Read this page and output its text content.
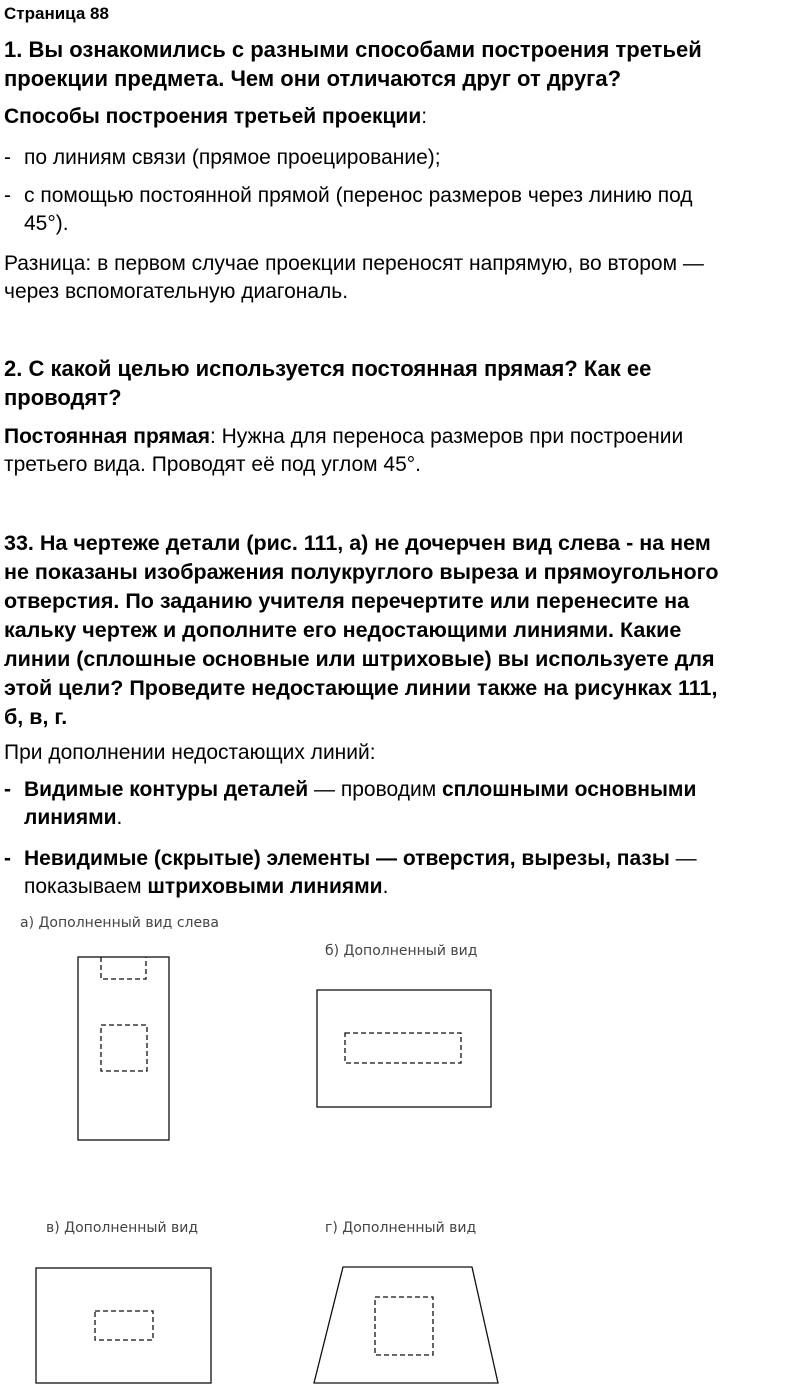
Страница 88
1. Вы ознакомились с разными способами построения третьей
проекции предмета. Чем они отличаются друг от друга?
Способы построения третьей проекции:
- по линиям связи (прямое проецирование);
- с помощью постоянной прямой (перенос размеров через линию под
45°).
Разница: в первом случае проекции переносят напрямую, во втором —
через вспомогательную диагональ.
2. С какой целью используется постоянная прямая? Как ее
проводят?
Постоянная прямая: Нужна для переноса размеров при построении
третьего вида. Проводят её под углом 45°.
33. На чертеже детали (рис. 111, а) не дочерчен вид слева - на нем
не показаны изображения полукруглого выреза и прямоугольного
отверстия. По заданию учителя перечертите или перенесите на
кальку чертеж и дополните его недостающими линиями. Какие
линии (сплошные основные или штриховые) вы используете для
этой цели? Проведите недостающие линии также на рисунках 111,
б, в, г.
При дополнении недостающих линий:
- Видимые контуры деталей — проводим сплошными основными
линиями.
- Невидимые (скрытые) элементы — отверстия, вырезы, пазы —
показываем штриховыми линиями.
а) Дополненный вид слева
б) Дополненный вид
в) Дополненный вид	г) Дополненный вид
